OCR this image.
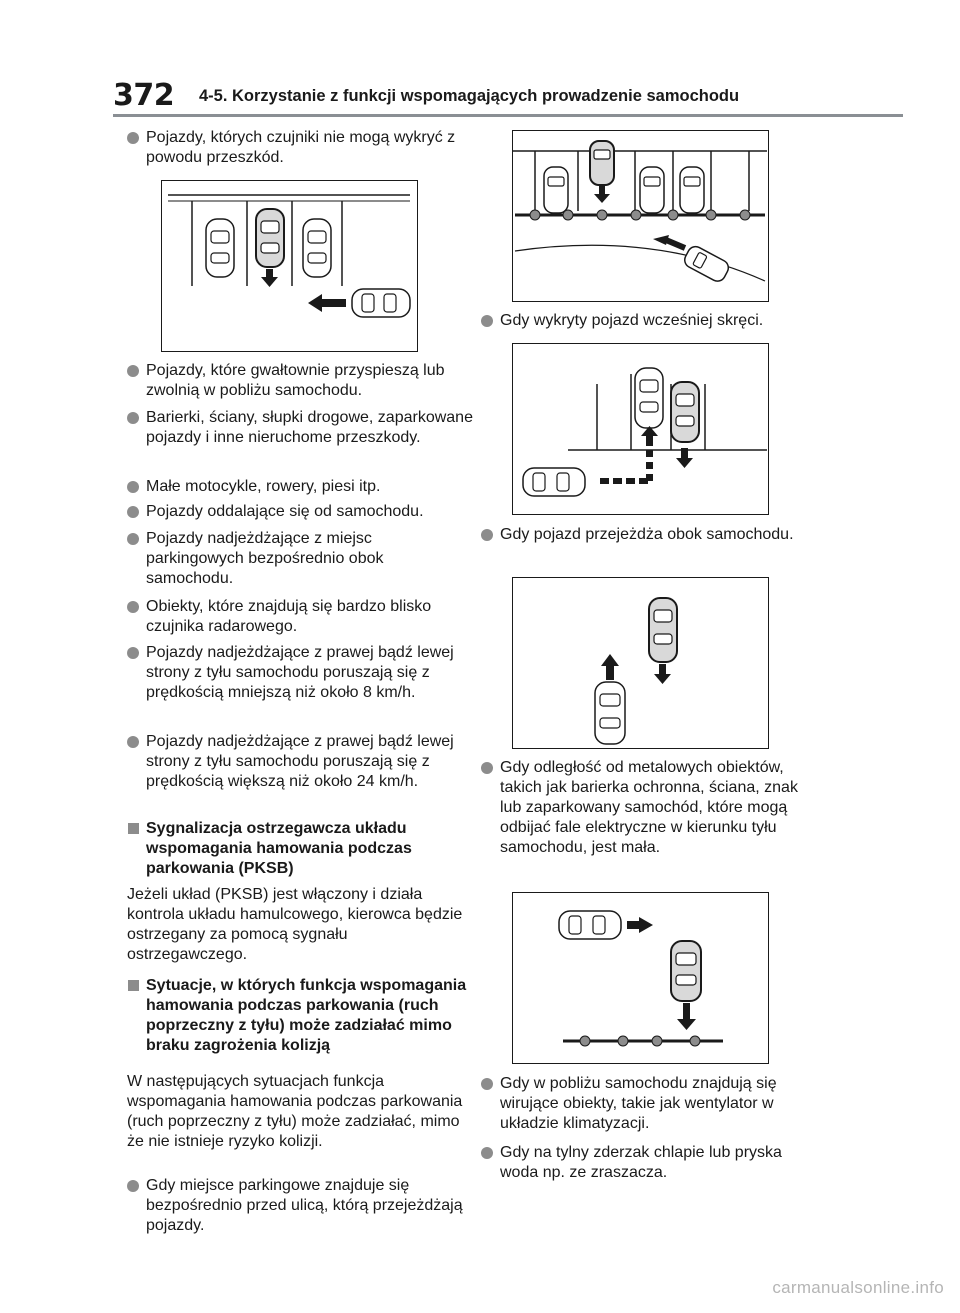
372 4-5. Korzystanie z funkcji wspomagających prowadzenie samochodu
Pojazdy, których czujniki nie mogą wykryć z powodu przeszkód.
Pojazdy, które gwałtownie przyspieszą lub zwolnią w pobliżu samochodu.
Barierki, ściany, słupki drogowe, zaparkowane pojazdy i inne nieruchome przeszkody.
Małe motocykle, rowery, piesi itp.
Pojazdy oddalające się od samochodu.
Pojazdy nadjeżdżające z miejsc parkingowych bezpośrednio obok samochodu.
Obiekty, które znajdują się bardzo blisko czujnika radarowego.
Pojazdy nadjeżdżające z prawej bądź lewej strony z tyłu samochodu poruszają się z prędkością mniejszą niż około 8 km/h.
Pojazdy nadjeżdżające z prawej bądź lewej strony z tyłu samochodu poruszają się z prędkością większą niż około 24 km/h.
Sygnalizacja ostrzegawcza układu wspomagania hamowania podczas parkowania (PKSB)
Jeżeli układ (PKSB) jest włączony i działa kontrola układu hamulcowego, kierowca będzie ostrzegany za pomocą sygnału ostrzegawczego.
Sytuacje, w których funkcja wspomagania hamowania podczas parkowania (ruch poprzeczny z tyłu) może zadziałać mimo braku zagrożenia kolizją
W następujących sytuacjach funkcja wspomagania hamowania podczas parkowania (ruch poprzeczny z tyłu) może zadziałać, mimo że nie istnieje ryzyko kolizji.
Gdy miejsce parkingowe znajduje się bezpośrednio przed ulicą, którą przejeżdżają pojazdy.
Gdy wykryty pojazd wcześniej skręci.
Gdy pojazd przejeżdża obok samochodu.
Gdy odległość od metalowych obiektów, takich jak barierka ochronna, ściana, znak lub zaparkowany samochód, które mogą odbijać fale elektryczne w kierunku tyłu samochodu, jest mała.
Gdy w pobliżu samochodu znajdują się wirujące obiekty, takie jak wentylator w układzie klimatyzacji.
Gdy na tylny zderzak chlapie lub pryska woda np. ze zraszacza.
carmanualsonline.info
